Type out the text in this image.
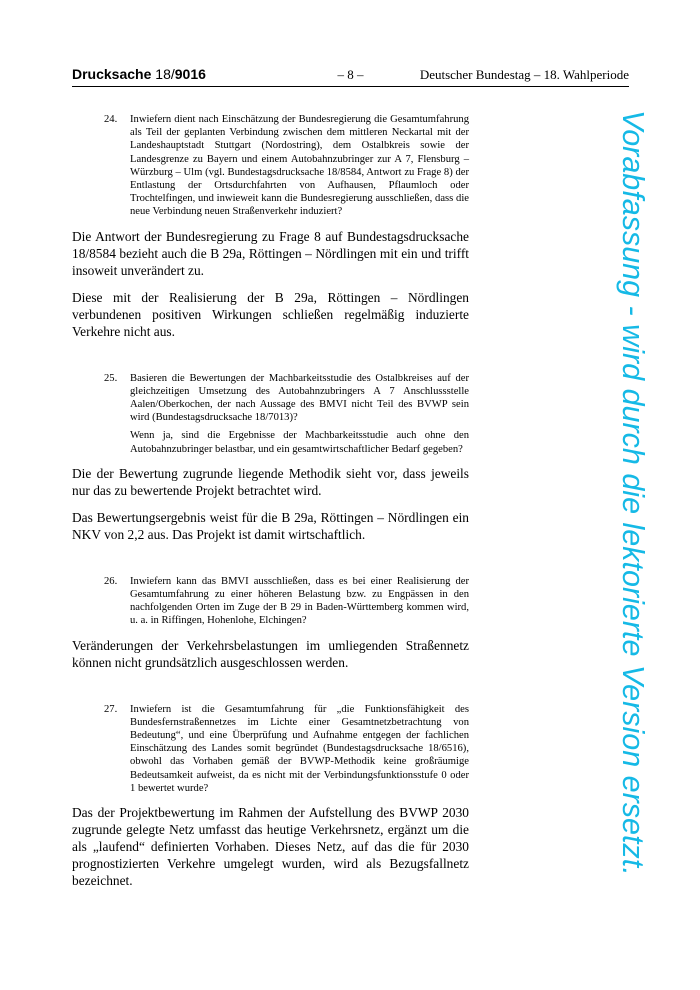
Drucksache 18/9016	– 8 –	Deutscher Bundestag – 18. Wahlperiode
24.	Inwiefern dient nach Einschätzung der Bundesregierung die Gesamtumfahrung als Teil der geplanten Verbindung zwischen dem mittleren Neckartal mit der Landeshauptstadt Stuttgart (Nordostring), dem Ostalbkreis sowie der Landesgrenze zu Bayern und einem Autobahnzubringer zur A 7, Flensburg – Würzburg – Ulm (vgl. Bundestagsdrucksache 18/8584, Antwort zu Frage 8) der Entlastung der Ortsdurchfahrten von Aufhausen, Pflaumloch oder Trochtelfingen, und inwieweit kann die Bundesregierung ausschließen, dass die neue Verbindung neuen Straßenverkehr induziert?

Die Antwort der Bundesregierung zu Frage 8 auf Bundestagsdrucksache 18/8584 bezieht auch die B 29a, Röttingen – Nördlingen mit ein und trifft insoweit unverändert zu.

Diese mit der Realisierung der B 29a, Röttingen – Nördlingen verbundenen positiven Wirkungen schließen regelmäßig induzierte Verkehre nicht aus.

25.	Basieren die Bewertungen der Machbarkeitsstudie des Ostalbkreises auf der gleichzeitigen Umsetzung des Autobahnzubringers A 7 Anschlussstelle Aalen/Oberkochen, der nach Aussage des BMVI nicht Teil des BVWP sein wird (Bundestagsdrucksache 18/7013)?

Wenn ja, sind die Ergebnisse der Machbarkeitsstudie auch ohne den Autobahnzubringer belastbar, und ein gesamtwirtschaftlicher Bedarf gegeben?

Die der Bewertung zugrunde liegende Methodik sieht vor, dass jeweils nur das zu bewertende Projekt betrachtet wird.

Das Bewertungsergebnis weist für die B 29a, Röttingen – Nördlingen ein NKV von 2,2 aus. Das Projekt ist damit wirtschaftlich.

26.	Inwiefern kann das BMVI ausschließen, dass es bei einer Realisierung der Gesamtumfahrung zu einer höheren Belastung bzw. zu Engpässen in den nachfolgenden Orten im Zuge der B 29 in Baden-Württemberg kommen wird, u. a. in Riffingen, Hohenlohe, Elchingen?

Veränderungen der Verkehrsbelastungen im umliegenden Straßennetz können nicht grundsätzlich ausgeschlossen werden.

27.	Inwiefern ist die Gesamtumfahrung für „die Funktionsfähigkeit des Bundesfernstraßennetzes im Lichte einer Gesamtnetzbetrachtung von Bedeutung“, und eine Überprüfung und Aufnahme entgegen der fachlichen Einschätzung des Landes somit begründet (Bundestagsdrucksache 18/6516), obwohl das Vorhaben gemäß der BVWP-Methodik keine großräumige Bedeutsamkeit aufweist, da es nicht mit der Verbindungsfunktionsstufe 0 oder 1 bewertet wurde?

Das der Projektbewertung im Rahmen der Aufstellung des BVWP 2030 zugrunde gelegte Netz umfasst das heutige Verkehrsnetz, ergänzt um die als „laufend“ definierten Vorhaben. Dieses Netz, auf das die für 2030 prognostizierten Verkehre umgelegt wurden, wird als Bezugsfallnetz bezeichnet.

Vorabfassung - wird durch die lektorierte Version ersetzt.
